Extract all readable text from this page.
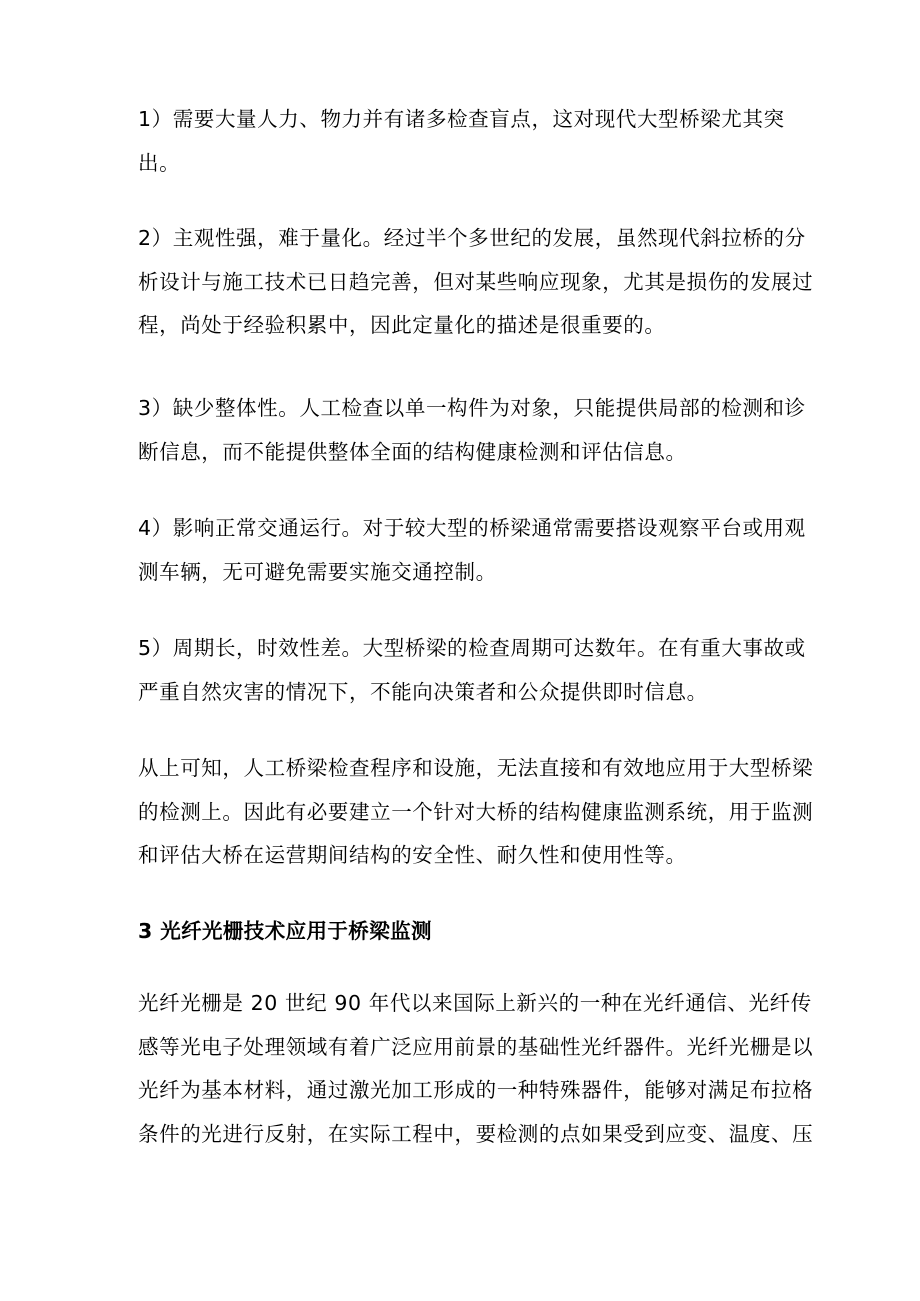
1）需要大量人力、物力并有诸多检查盲点，这对现代大型桥梁尤其突
出。
2）主观性强，难于量化。经过半个多世纪的发展，虽然现代斜拉桥的分
析设计与施工技术已日趋完善，但对某些响应现象，尤其是损伤的发展过
程，尚处于经验积累中，因此定量化的描述是很重要的。
3）缺少整体性。人工检查以单一构件为对象，只能提供局部的检测和诊
断信息，而不能提供整体全面的结构健康检测和评估信息。
4）影响正常交通运行。对于较大型的桥梁通常需要搭设观察平台或用观
测车辆，无可避免需要实施交通控制。
5）周期长，时效性差。大型桥梁的检查周期可达数年。在有重大事故或
严重自然灾害的情况下，不能向决策者和公众提供即时信息。
从上可知，人工桥梁检查程序和设施，无法直接和有效地应用于大型桥梁
的检测上。因此有必要建立一个针对大桥的结构健康监测系统，用于监测
和评估大桥在运营期间结构的安全性、耐久性和使用性等。
3 光纤光栅技术应用于桥梁监测
光纤光栅是 20 世纪 90 年代以来国际上新兴的一种在光纤通信、光纤传
感等光电子处理领域有着广泛应用前景的基础性光纤器件。光纤光栅是以
光纤为基本材料，通过激光加工形成的一种特殊器件，能够对满足布拉格
条件的光进行反射，在实际工程中，要检测的点如果受到应变、温度、压
